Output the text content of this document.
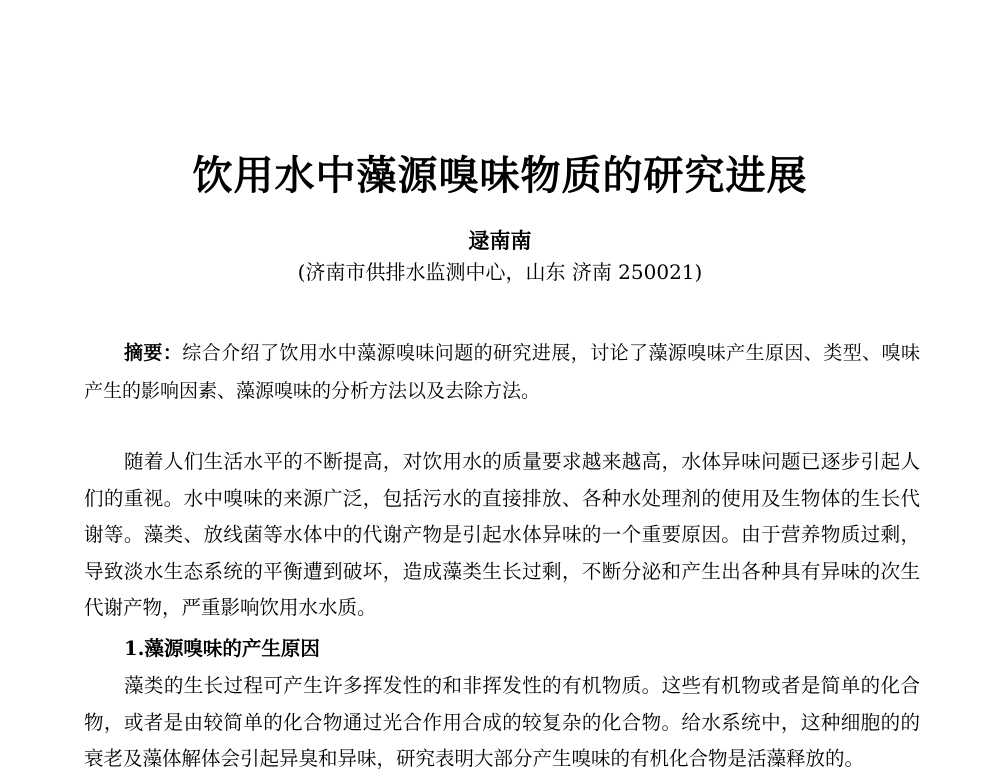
饮用水中藻源嗅味物质的研究进展
逯南南
(济南市供排水监测中心，山东 济南 250021)
摘要：综合介绍了饮用水中藻源嗅味问题的研究进展，讨论了藻源嗅味产生原因、类型、嗅味产生的影响因素、藻源嗅味的分析方法以及去除方法。
随着人们生活水平的不断提高，对饮用水的质量要求越来越高，水体异味问题已逐步引起人们的重视。水中嗅味的来源广泛，包括污水的直接排放、各种水处理剂的使用及生物体的生长代谢等。藻类、放线菌等水体中的代谢产物是引起水体异味的一个重要原因。由于营养物质过剩，导致淡水生态系统的平衡遭到破坏，造成藻类生长过剩，不断分泌和产生出各种具有异味的次生代谢产物，严重影响饮用水水质。
1.藻源嗅味的产生原因
藻类的生长过程可产生许多挥发性的和非挥发性的有机物质。这些有机物或者是简单的化合物，或者是由较简单的化合物通过光合作用合成的较复杂的化合物。给水系统中，这种细胞的的衰老及藻体解体会引起异臭和异味，研究表明大部分产生嗅味的有机化合物是活藻释放的。
